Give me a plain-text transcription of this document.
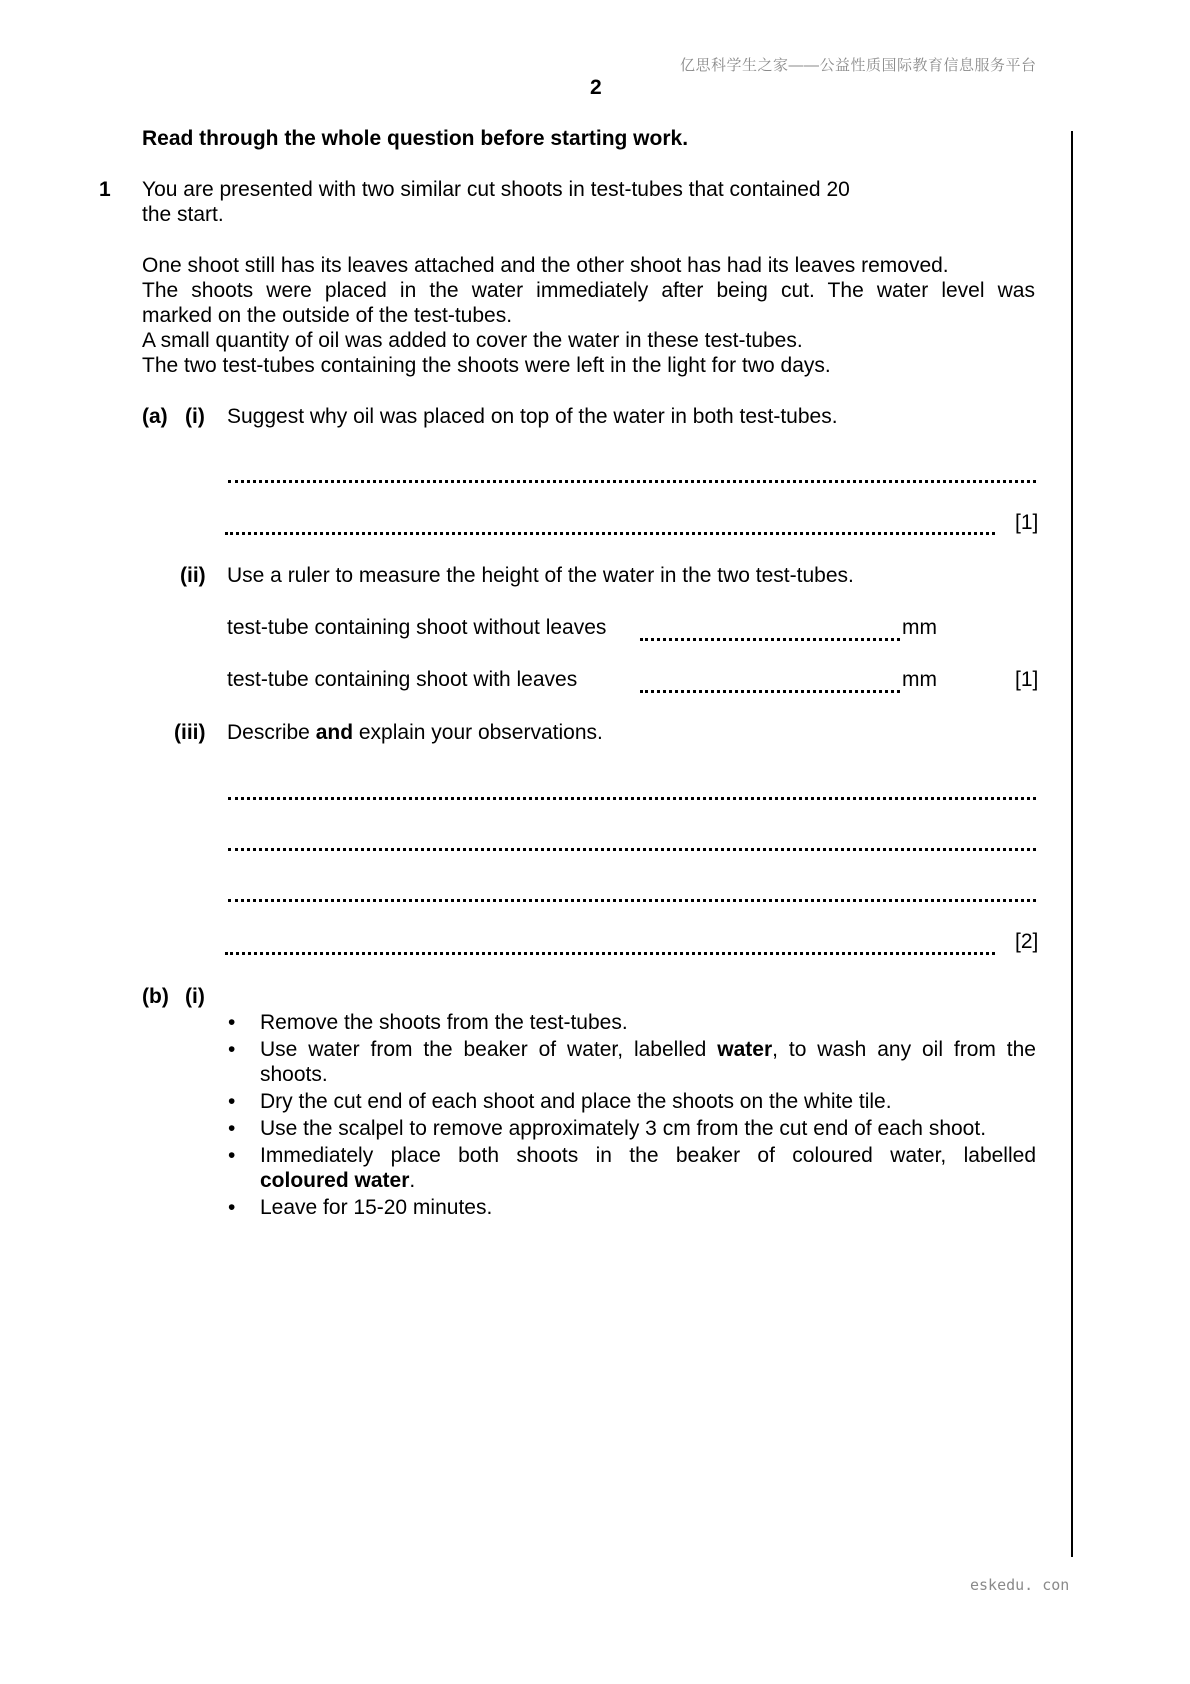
亿思科学生之家——公益性质国际教育信息服务平台
2
Read through the whole question before starting work.
1 You are presented with two similar cut shoots in test-tubes that contained 20
the start.
One shoot still has its leaves attached and the other shoot has had its leaves removed.
The shoots were placed in the water immediately after being cut. The water level was
marked on the outside of the test-tubes.
A small quantity of oil was added to cover the water in these test-tubes.
The two test-tubes containing the shoots were left in the light for two days.
(a) (i) Suggest why oil was placed on top of the water in both test-tubes.
[1]
(ii) Use a ruler to measure the height of the water in the two test-tubes.
test-tube containing shoot without leaves	mm
test-tube containing shoot with leaves	mm	[1]
(iii) Describe and explain your observations.
[2]
(b) (i)
• Remove the shoots from the test-tubes.
• Use water from the beaker of water, labelled water, to wash any oil from the
shoots.
• Dry the cut end of each shoot and place the shoots on the white tile.
• Use the scalpel to remove approximately 3 cm from the cut end of each shoot.
• Immediately place both shoots in the beaker of coloured water, labelled
coloured water.
• Leave for 15-20 minutes.
eskedu. con
